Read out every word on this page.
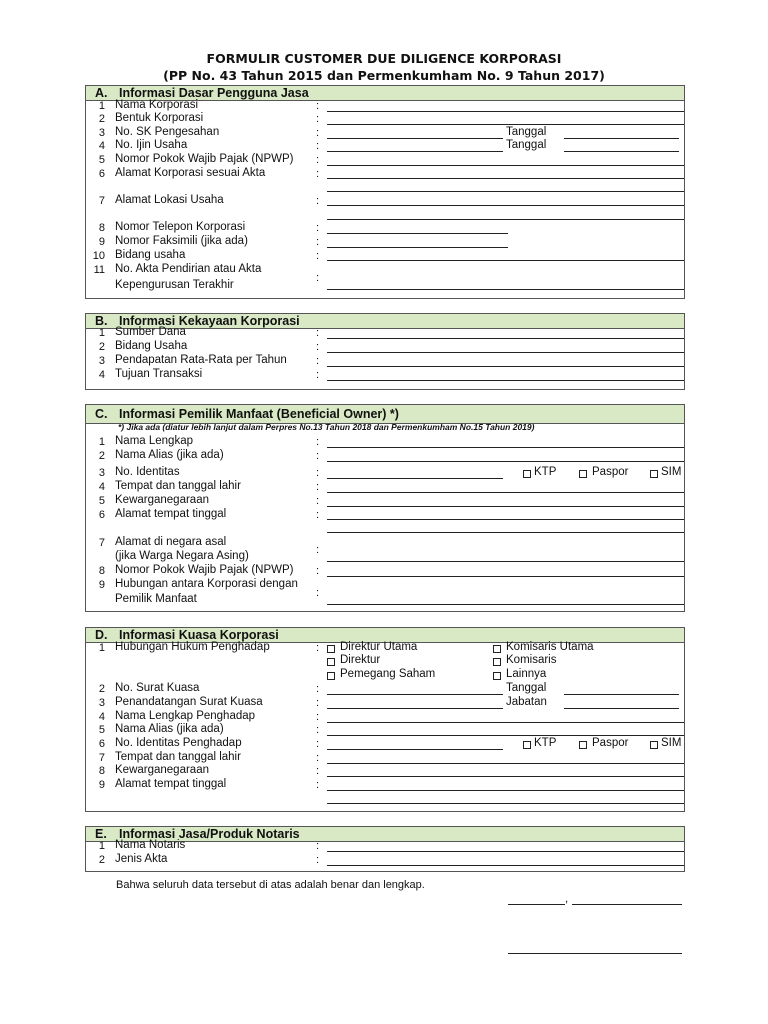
FORMULIR CUSTOMER DUE DILIGENCE KORPORASI
(PP No. 43 Tahun 2015 dan Permenkumham No. 9 Tahun 2017)
A. Informasi Dasar Pengguna Jasa
1 Nama Korporasi	:
2 Bentuk Korporasi	:
3 No. SK Pengesahan	:	Tanggal
4 No. Ijin Usaha	:	Tanggal
5 Nomor Pokok Wajib Pajak (NPWP) :
6 Alamat Korporasi sesuai Akta	:
7 Alamat Lokasi Usaha	:
8 Nomor Telepon Korporasi	:
9 Nomor Faksimili (jika ada)	:
10 Bidang usaha	:
11 No. Akta Pendirian atau Akta
Kepengurusan Terakhir
:
B. Informasi Kekayaan Korporasi
1 Sumber Dana	:
2 Bidang Usaha	:
3 Pendapatan Rata-Rata per Tahun	:
4 Tujuan Transaksi	:
C. Informasi Pemilik Manfaat (Beneficial Owner) *)
*) Jika ada (diatur lebih lanjut dalam Perpres No.13 Tahun 2018 dan Permenkumham No.15 Tahun 2019)
1 Nama Lengkap	:
2 Nama Alias (jika ada)	:
3 No. Identitas	:	KTP	Paspor	SIM
4 Tempat dan tanggal lahir	:
5 Kewarganegaraan	:
6 Alamat tempat tinggal	:
7 Alamat di negara asal
(jika Warga Negara Asing)	:
8 Nomor Pokok Wajib Pajak (NPWP) :
9 Hubungan antara Korporasi dengan
Pemilik Manfaat	:
D. Informasi Kuasa Korporasi
1 Hubungan Hukum Penghadap	: Direktur Utama
Direktur
Pemegang Saham
Komisaris Utama
Komisaris
Lainnya
2 No. Surat Kuasa	:	Tanggal
3 Penandatangan Surat Kuasa	:	Jabatan
4 Nama Lengkap Penghadap	:
5 Nama Alias (jika ada)	:
6 No. Identitas Penghadap	:	KTP	Paspor	SIM
7 Tempat dan tanggal lahir	:
8 Kewarganegaraan	:
9 Alamat tempat tinggal	:
E. Informasi Jasa/Produk Notaris
1 Nama Notaris	:
2 Jenis Akta	:
Bahwa seluruh data tersebut di atas adalah benar dan lengkap.
,
